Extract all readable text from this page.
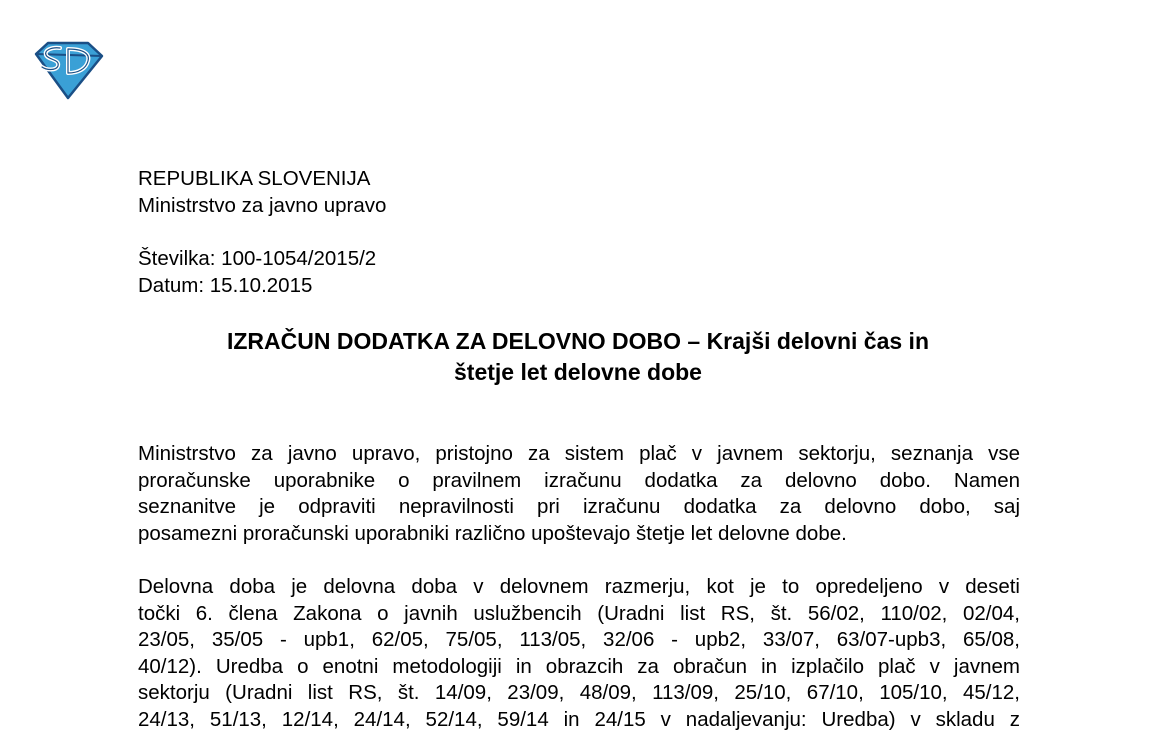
REPUBLIKA SLOVENIJA
Ministrstvo za javno upravo
Številka: 100-1054/2015/2
Datum: 15.10.2015
IZRAČUN DODATKA ZA DELOVNO DOBO – Krajši delovni čas in
štetje let delovne dobe
Ministrstvo za javno upravo, pristojno za sistem plač v javnem sektorju, seznanja vse
proračunske uporabnike o pravilnem izračunu dodatka za delovno dobo. Namen
seznanitve je odpraviti nepravilnosti pri izračunu dodatka za delovno dobo, saj
posamezni proračunski uporabniki različno upoštevajo štetje let delovne dobe.
Delovna doba je delovna doba v delovnem razmerju, kot je to opredeljeno v deseti
točki 6. člena Zakona o javnih uslužbencih (Uradni list RS, št. 56/02, 110/02, 02/04,
23/05, 35/05 - upb1, 62/05, 75/05, 113/05, 32/06 - upb2, 33/07, 63/07-upb3, 65/08,
40/12). Uredba o enotni metodologiji in obrazcih za obračun in izplačilo plač v javnem
sektorju (Uradni list RS, št. 14/09, 23/09, 48/09, 113/09, 25/10, 67/10, 105/10, 45/12,
24/13, 51/13, 12/14, 24/14, 52/14, 59/14 in 24/15 v nadaljevanju: Uredba) v skladu z
